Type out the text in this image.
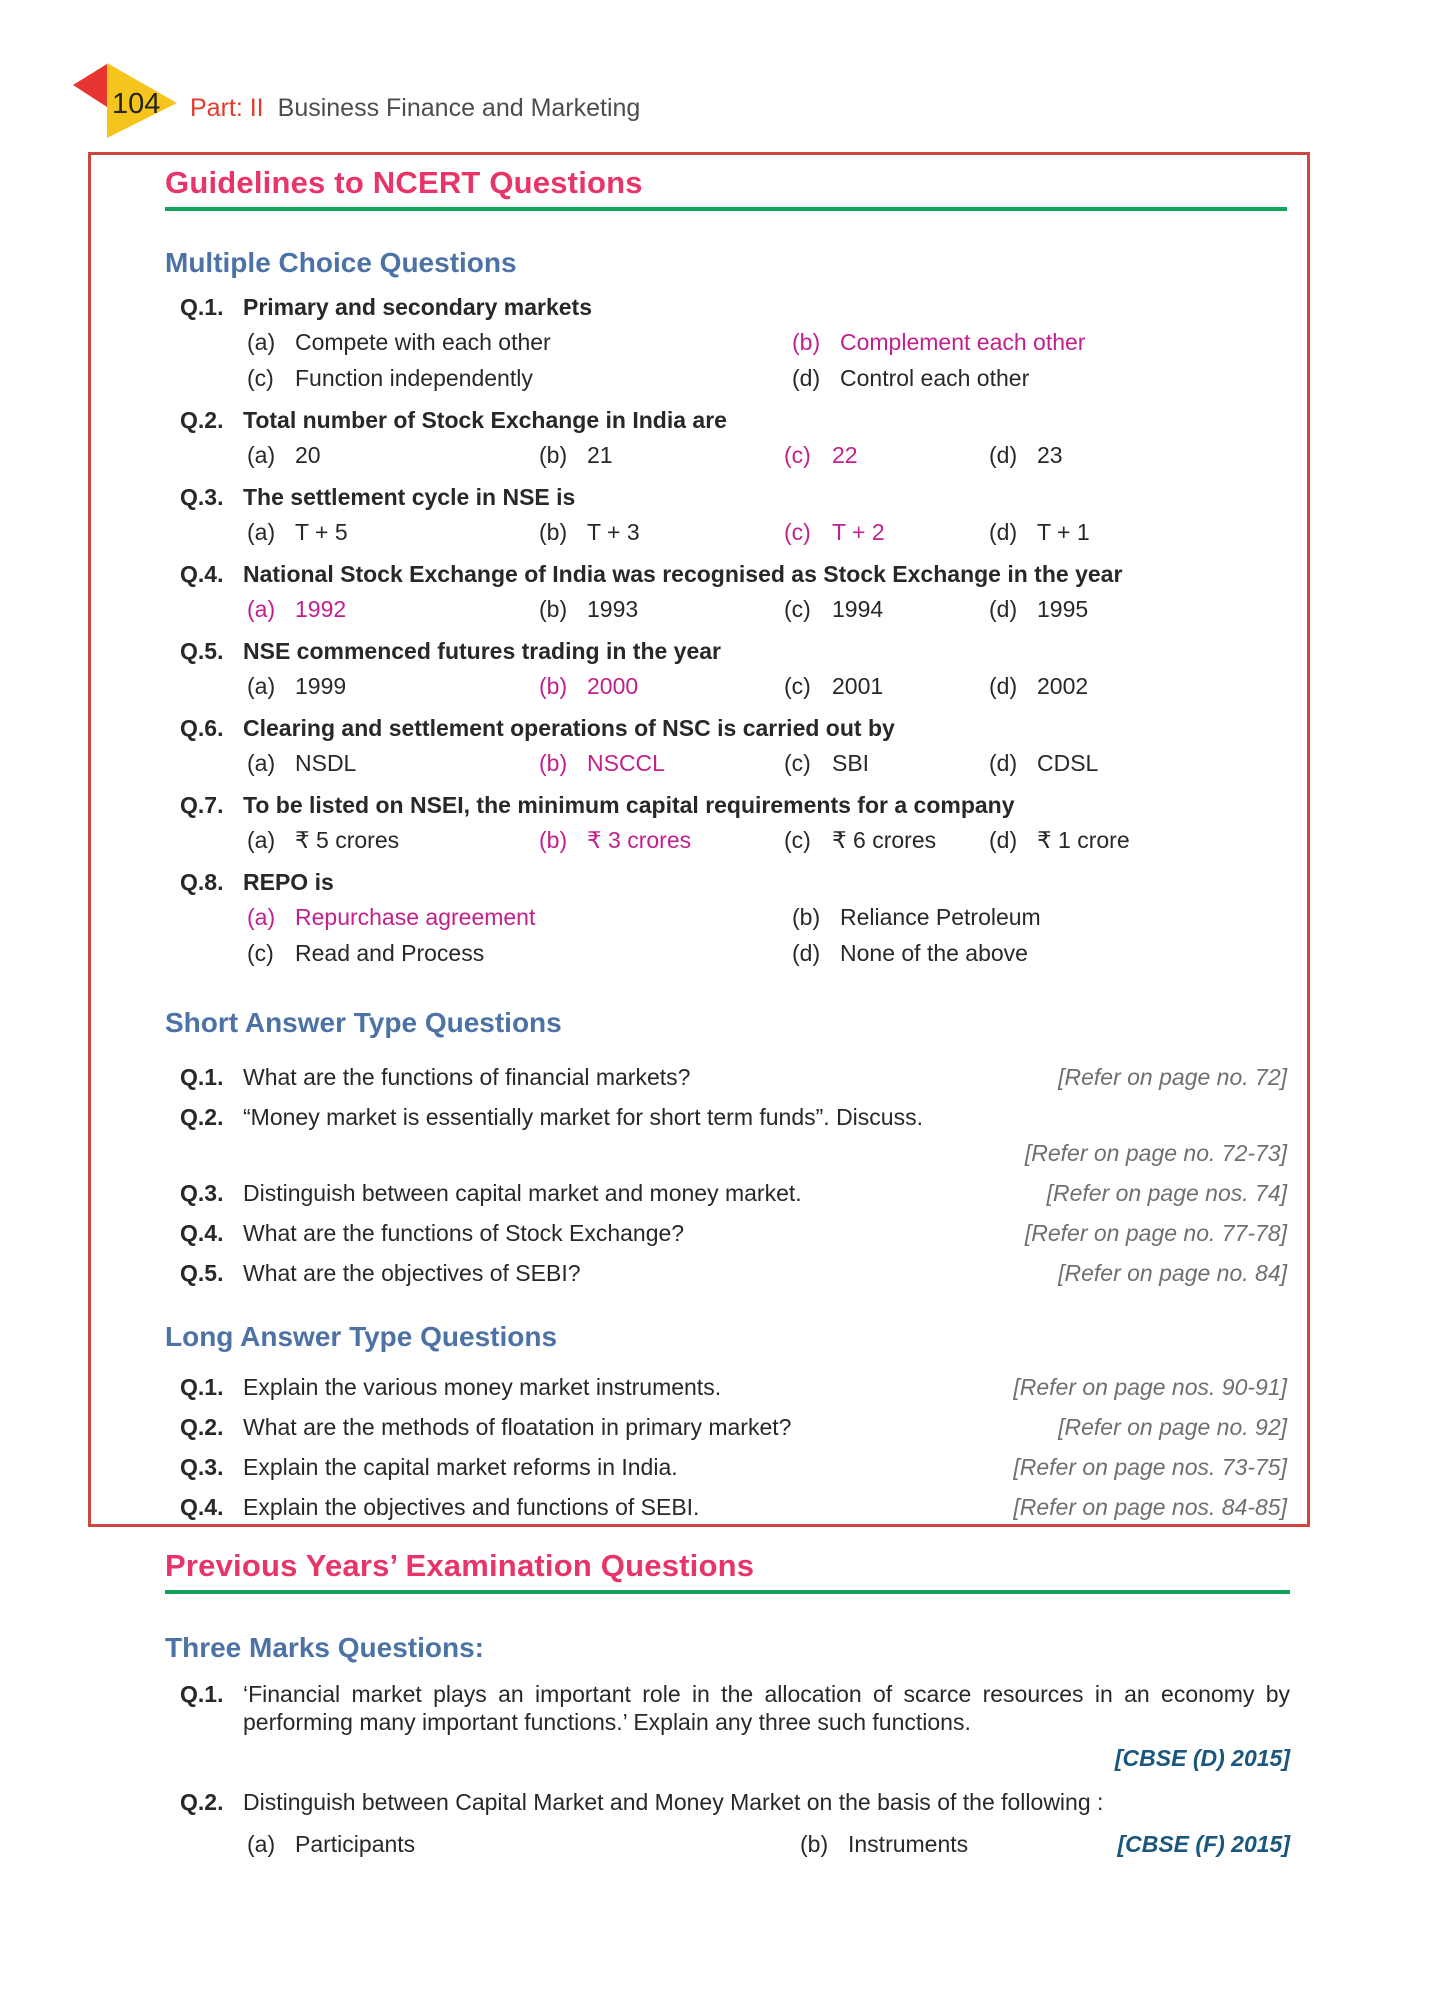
104 Part: II Business Finance and Marketing
Guidelines to NCERT Questions
Multiple Choice Questions
Q.1. Primary and secondary markets
(a) Compete with each other	(b) Complement each other
(c) Function independently	(d) Control each other
Q.2. Total number of Stock Exchange in India are
(a) 20	(b) 21	(c) 22	(d) 23
Q.3. The settlement cycle in NSE is
(a) T + 5	(b) T + 3	(c) T + 2	(d) T + 1
Q.4. National Stock Exchange of India was recognised as Stock Exchange in the year
(a) 1992	(b) 1993	(c) 1994	(d) 1995
Q.5. NSE commenced futures trading in the year
(a) 1999	(b) 2000	(c) 2001	(d) 2002
Q.6. Clearing and settlement operations of NSC is carried out by
(a) NSDL	(b) NSCCL	(c) SBI	(d) CDSL
Q.7. To be listed on NSEI, the minimum capital requirements for a company
(a) ₹ 5 crores	(b) ₹ 3 crores	(c) ₹ 6 crores	(d) ₹ 1 crore
Q.8. REPO is
(a) Repurchase agreement	(b) Reliance Petroleum
(c) Read and Process	(d) None of the above
Short Answer Type Questions
Q.1. What are the functions of financial markets?	[Refer on page no. 72]
Q.2. “Money market is essentially market for short term funds”. Discuss.
[Refer on page no. 72-73]
Q.3. Distinguish between capital market and money market.	[Refer on page nos. 74]
Q.4. What are the functions of Stock Exchange?	[Refer on page no. 77-78]
Q.5. What are the objectives of SEBI?	[Refer on page no. 84]
Long Answer Type Questions
Q.1. Explain the various money market instruments.	[Refer on page nos. 90-91]
Q.2. What are the methods of floatation in primary market?	[Refer on page no. 92]
Q.3. Explain the capital market reforms in India.	[Refer on page nos. 73-75]
Q.4. Explain the objectives and functions of SEBI.	[Refer on page nos. 84-85]
Previous Years’ Examination Questions
Three Marks Questions:
Q.1. ‘Financial market plays an important role in the allocation of scarce resources in an economy by performing many important functions.’ Explain any three such functions.
[CBSE (D) 2015]
Q.2. Distinguish between Capital Market and Money Market on the basis of the following :
(a) Participants	(b) Instruments	[CBSE (F) 2015]
